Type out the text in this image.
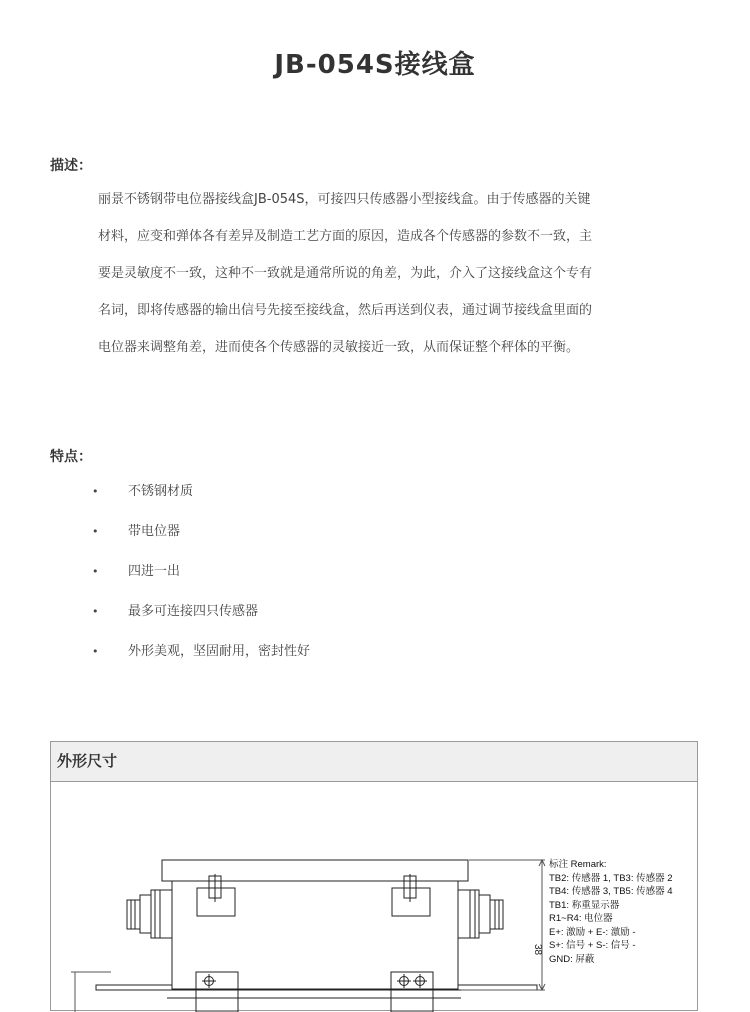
JB-054S接线盒
描述：

丽景不锈钢带电位器接线盒JB-054S，可接四只传感器小型接线盒。由于传感器的关键

材料，应变和弹体各有差异及制造工艺方面的原因，造成各个传感器的参数不一致，主

要是灵敏度不一致，这种不一致就是通常所说的角差，为此，介入了这接线盒这个专有

名词，即将传感器的输出信号先接至接线盒，然后再送到仪表，通过调节接线盒里面的

电位器来调整角差，进而使各个传感器的灵敏接近一致，从而保证整个秤体的平衡。

特点：
• 不锈钢材质
• 带电位器
• 四进一出
• 最多可连接四只传感器
• 外形美观，坚固耐用，密封性好
外形尺寸
38
标注 Remark:
TB2: 传感器 1, TB3: 传感器 2
TB4: 传感器 3, TB5: 传感器 4
TB1: 称重显示器
R1~R4: 电位器
E+: 激励 + E-: 激励 -
S+: 信号 + S-: 信号 -
GND: 屏蔽
